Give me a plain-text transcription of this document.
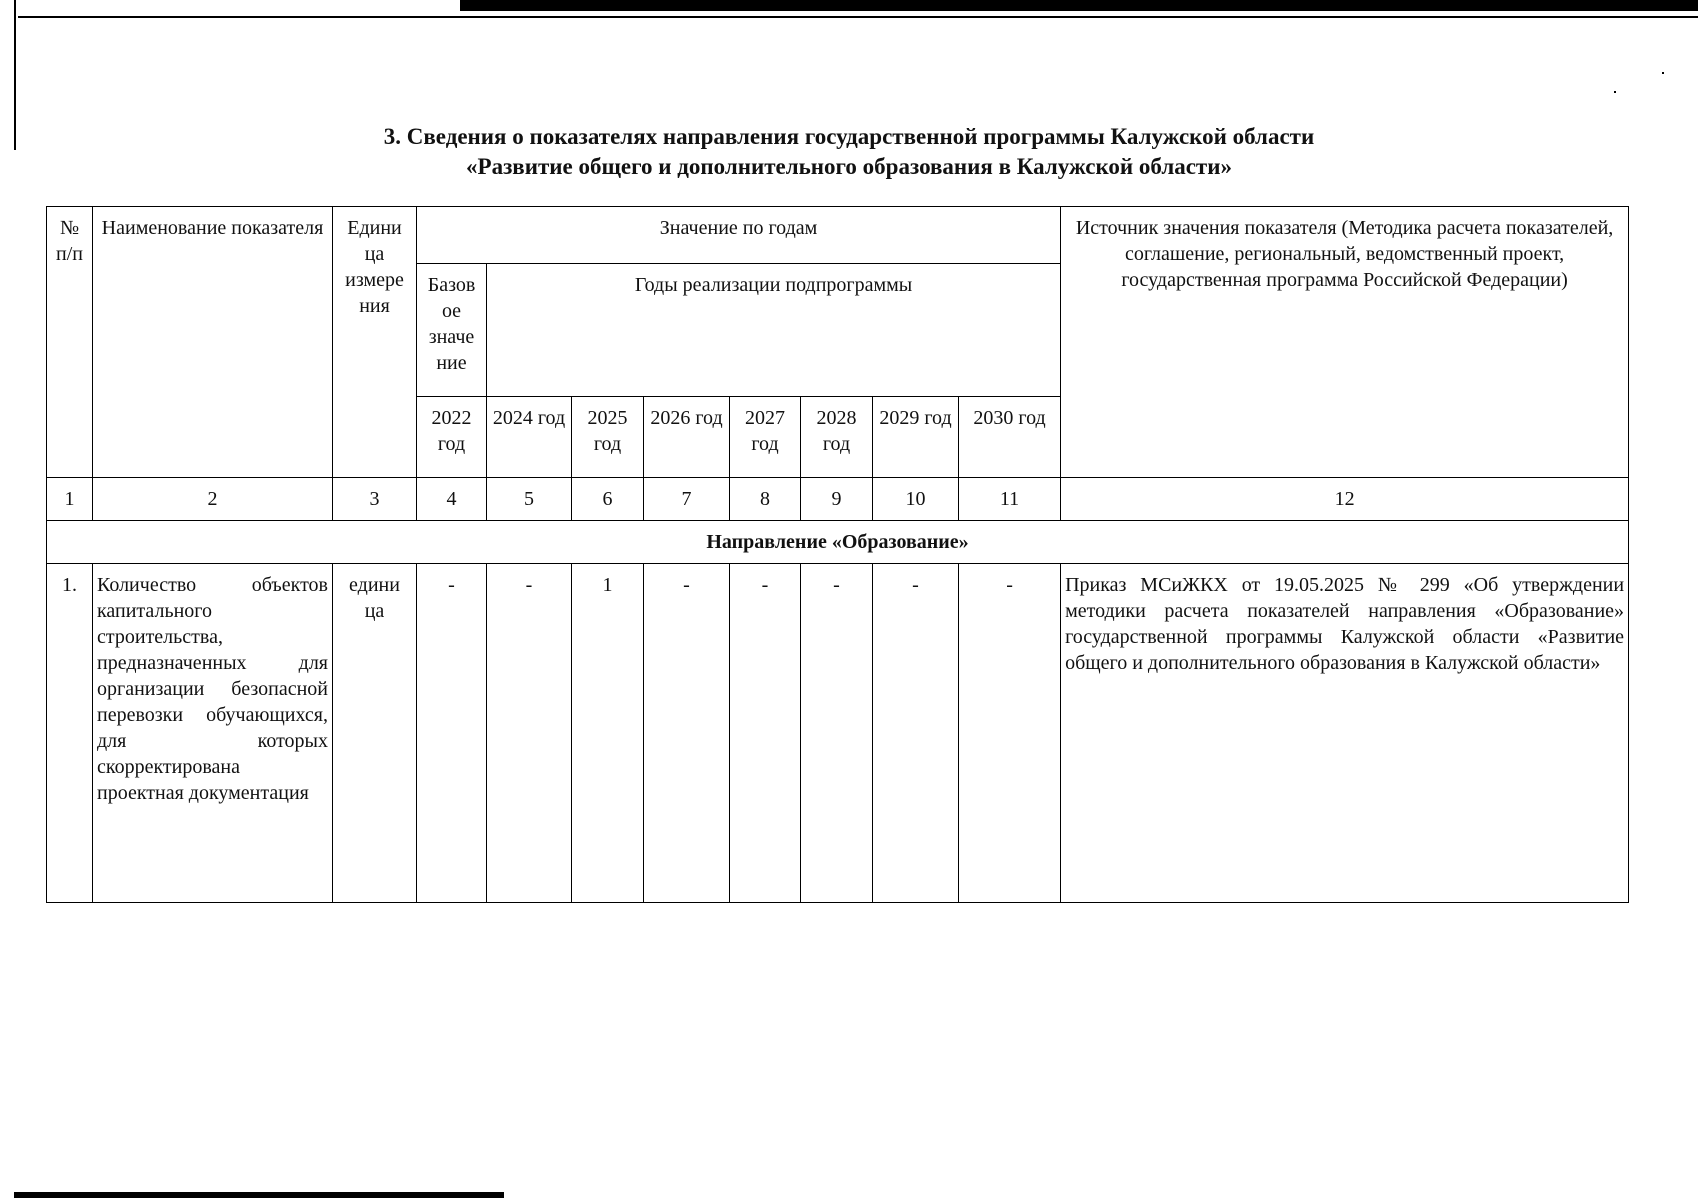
3. Сведения о показателях направления государственной программы Калужской области
«Развитие общего и дополнительного образования в Калужской области»
№ п/п	Наименование показателя	Едини ца измере ния	Значение по годам								Источник значения показателя (Методика расчета показателей, соглашение, региональный, ведомственный проект, государственная программа Российской Федерации)
			Базов ое значе ние	Годы реализации подпрограммы							
			2022 год	2024 год	2025 год	2026 год	2027 год	2028 год	2029 год	2030 год	
1	2	3	4	5	6	7	8	9	10	11	12
Направление «Образование»											
1.	Количество объектов капитального строительства, предназначенных для организации безопасной перевозки обучающихся, для которых скорректирована проектная документация	едини ца	-	-	1	-	-	-	-	-	Приказ МСиЖКХ от 19.05.2025 № 299 «Об утверждении методики расчета показателей направления «Образование» государственной программы Калужской области «Развитие общего и дополнительного образования в Калужской области»
